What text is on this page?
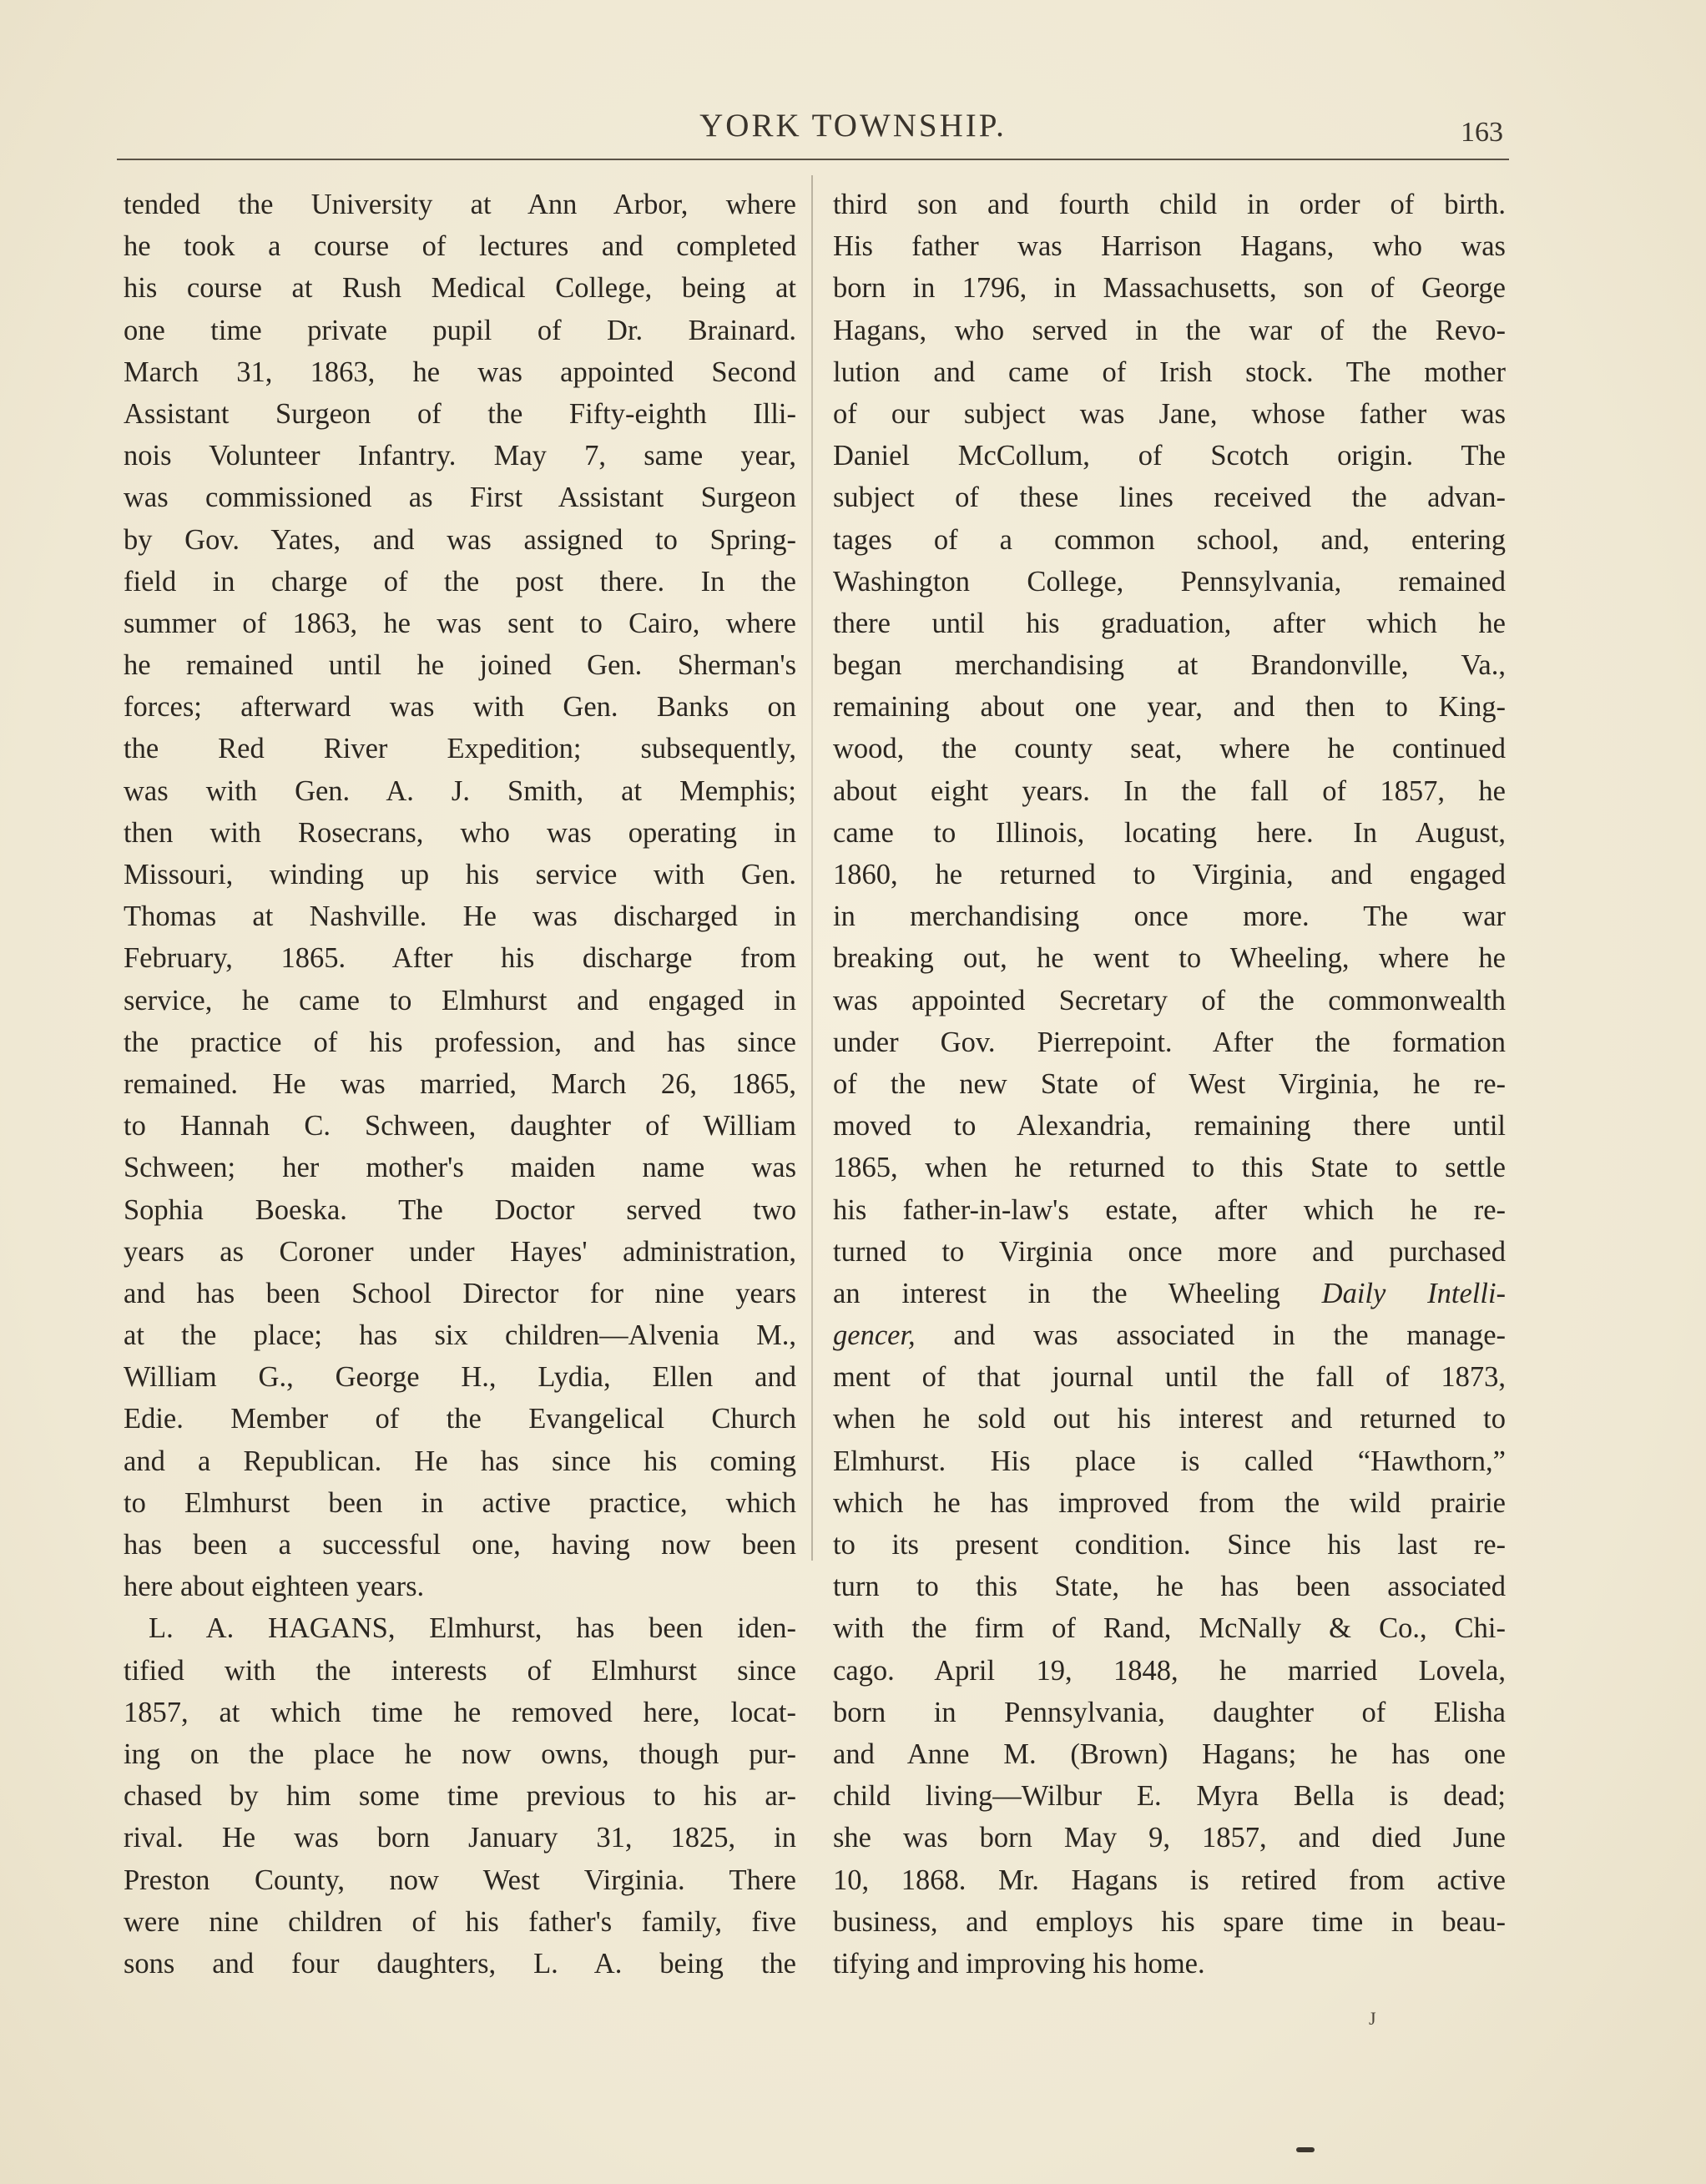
YORK TOWNSHIP.	163
tended the University at Ann Arbor, where
he took a course of lectures and completed
his course at Rush Medical College, being at
one time private pupil of Dr. Brainard.
March 31, 1863, he was appointed Second
Assistant Surgeon of the Fifty-eighth Illi-
nois Volunteer Infantry. May 7, same year,
was commissioned as First Assistant Surgeon
by Gov. Yates, and was assigned to Spring-
field in charge of the post there. In the
summer of 1863, he was sent to Cairo, where
he remained until he joined Gen. Sherman's
forces; afterward was with Gen. Banks on
the Red River Expedition; subsequently,
was with Gen. A. J. Smith, at Memphis;
then with Rosecrans, who was operating in
Missouri, winding up his service with Gen.
Thomas at Nashville. He was discharged in
February, 1865. After his discharge from
service, he came to Elmhurst and engaged in
the practice of his profession, and has since
remained. He was married, March 26, 1865,
to Hannah C. Schween, daughter of William
Schween; her mother's maiden name was
Sophia Boeska. The Doctor served two
years as Coroner under Hayes' administration,
and has been School Director for nine years
at the place; has six children—Alvenia M.,
William G., George H., Lydia, Ellen and
Edie. Member of the Evangelical Church
and a Republican. He has since his coming
to Elmhurst been in active practice, which
has been a successful one, having now been
here about eighteen years.
L. A. HAGANS, Elmhurst, has been iden-
tified with the interests of Elmhurst since
1857, at which time he removed here, locat-
ing on the place he now owns, though pur-
chased by him some time previous to his ar-
rival. He was born January 31, 1825, in
Preston County, now West Virginia. There
were nine children of his father's family, five
sons and four daughters, L. A. being the
third son and fourth child in order of birth.
His father was Harrison Hagans, who was
born in 1796, in Massachusetts, son of George
Hagans, who served in the war of the Revo-
lution and came of Irish stock. The mother
of our subject was Jane, whose father was
Daniel McCollum, of Scotch origin. The
subject of these lines received the advan-
tages of a common school, and, entering
Washington College, Pennsylvania, remained
there until his graduation, after which he
began merchandising at Brandonville, Va.,
remaining about one year, and then to King-
wood, the county seat, where he continued
about eight years. In the fall of 1857, he
came to Illinois, locating here. In August,
1860, he returned to Virginia, and engaged
in merchandising once more. The war
breaking out, he went to Wheeling, where he
was appointed Secretary of the commonwealth
under Gov. Pierrepoint. After the formation
of the new State of West Virginia, he re-
moved to Alexandria, remaining there until
1865, when he returned to this State to settle
his father-in-law's estate, after which he re-
turned to Virginia once more and purchased
an interest in the Wheeling Daily Intelli-
gencer, and was associated in the manage-
ment of that journal until the fall of 1873,
when he sold out his interest and returned to
Elmhurst. His place is called “Hawthorn,”
which he has improved from the wild prairie
to its present condition. Since his last re-
turn to this State, he has been associated
with the firm of Rand, McNally & Co., Chi-
cago. April 19, 1848, he married Lovela,
born in Pennsylvania, daughter of Elisha
and Anne M. (Brown) Hagans; he has one
child living—Wilbur E. Myra Bella is dead;
she was born May 9, 1857, and died June
10, 1868. Mr. Hagans is retired from active
business, and employs his spare time in beau-
tifying and improving his home.
J
